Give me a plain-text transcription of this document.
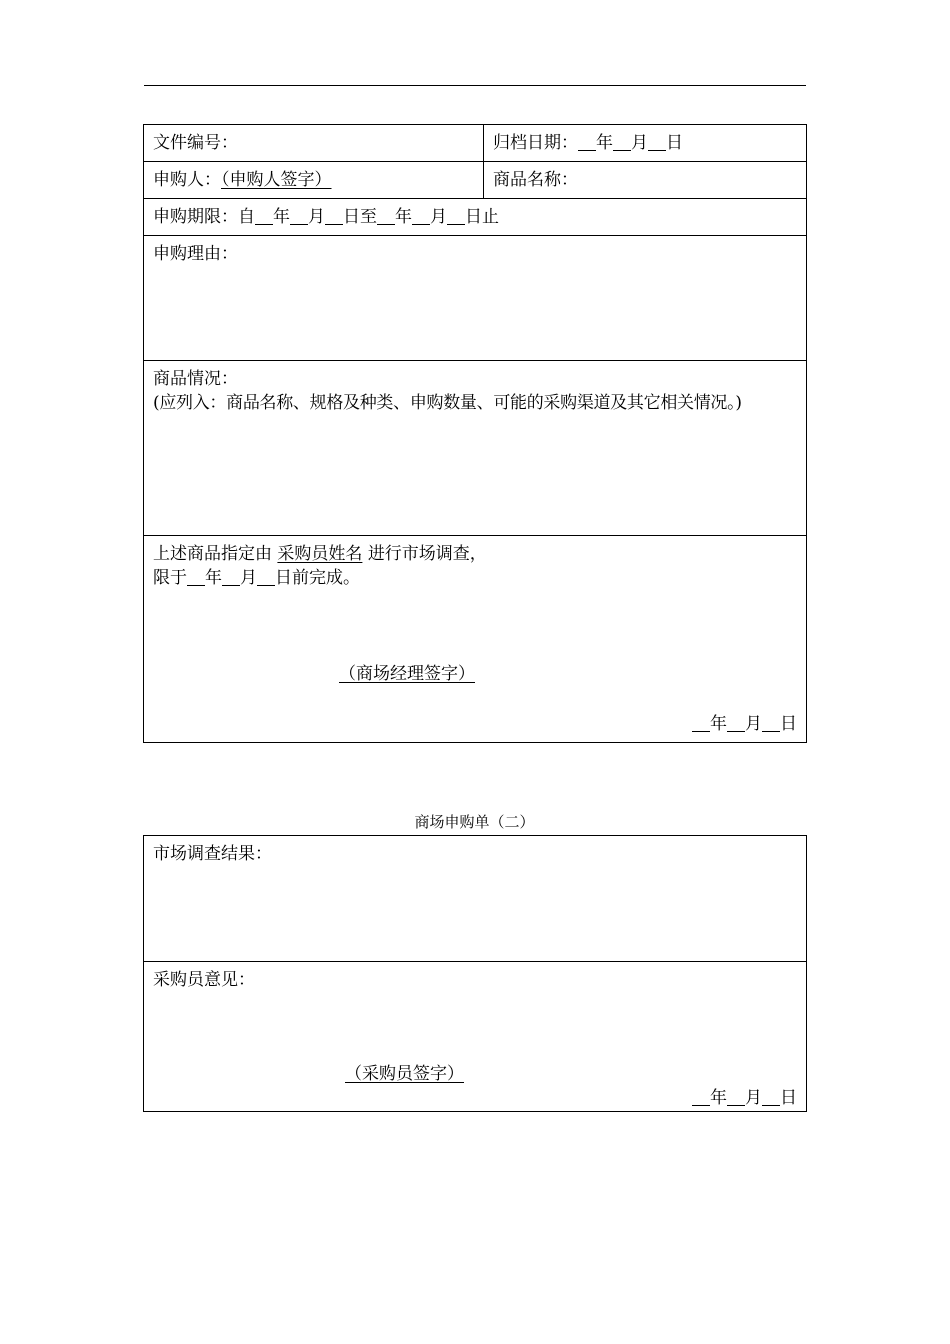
文件编号：	归档日期： 年 月 日
申购人：（申购人签字）	商品名称：
申购期限：自 年 月 日至 年 月 日止	
申购理由：	

商品情况：
(应列入：商品名称、规格及种类、申购数量、可能的采购渠道及其它相关情况。)	

上述商品指定由 采购员姓名 进行市场调查，
限于 年 月 日前完成。
（商场经理签字）
年 月 日	
商场申购单（二）
市场调查结果：

采购员意见：
（采购员签字）
年 月 日
